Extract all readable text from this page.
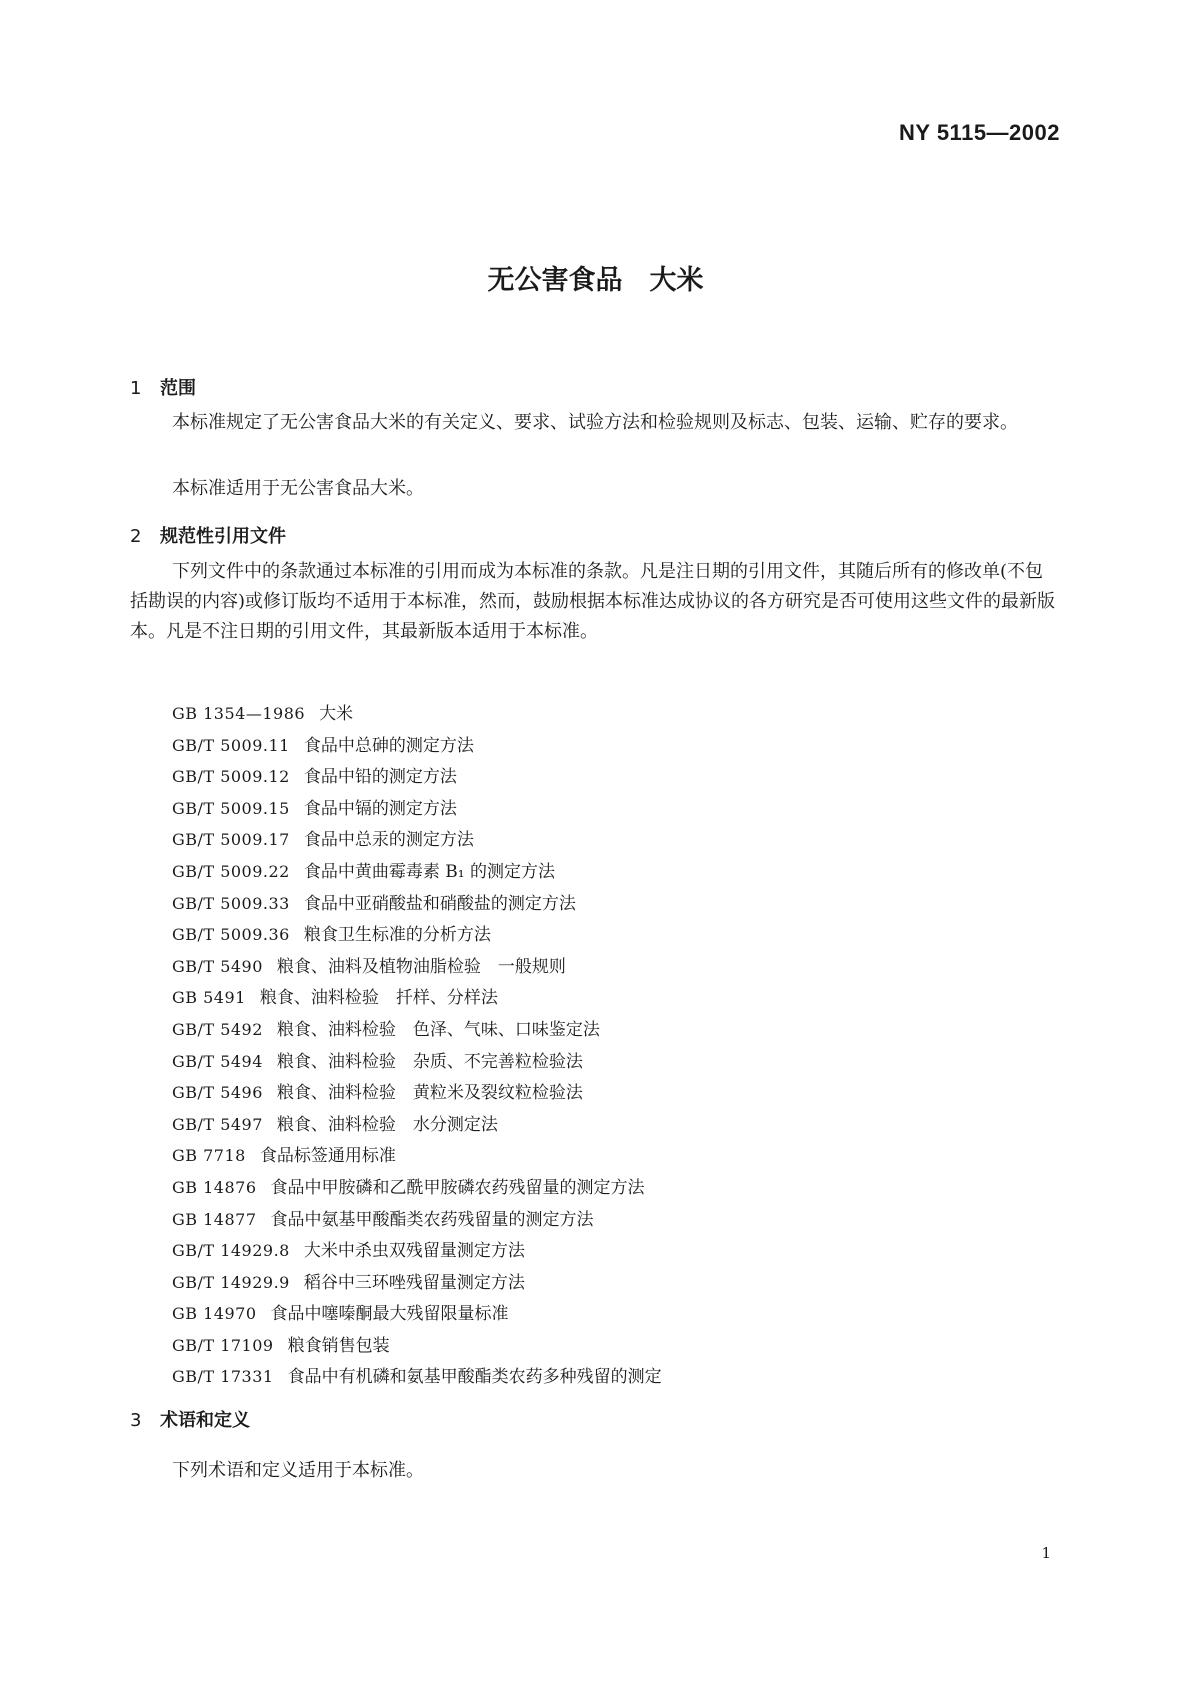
NY 5115—2002
无公害食品　大米
1 范围

本标准规定了无公害食品大米的有关定义、要求、试验方法和检验规则及标志、包装、运输、贮存的要求。

本标准适用于无公害食品大米。

2 规范性引用文件

下列文件中的条款通过本标准的引用而成为本标准的条款。凡是注日期的引用文件，其随后所有的修改单(不包括勘误的内容)或修订版均不适用于本标准，然而，鼓励根据本标准达成协议的各方研究是否可使用这些文件的最新版本。凡是不注日期的引用文件，其最新版本适用于本标准。

GB 1354—1986 大米
GB/T 5009.11 食品中总砷的测定方法
GB/T 5009.12 食品中铅的测定方法
GB/T 5009.15 食品中镉的测定方法
GB/T 5009.17 食品中总汞的测定方法
GB/T 5009.22 食品中黄曲霉毒素 B₁ 的测定方法
GB/T 5009.33 食品中亚硝酸盐和硝酸盐的测定方法
GB/T 5009.36 粮食卫生标准的分析方法
GB/T 5490 粮食、油料及植物油脂检验　一般规则
GB 5491 粮食、油料检验　扦样、分样法
GB/T 5492 粮食、油料检验　色泽、气味、口味鉴定法
GB/T 5494 粮食、油料检验　杂质、不完善粒检验法
GB/T 5496 粮食、油料检验　黄粒米及裂纹粒检验法
GB/T 5497 粮食、油料检验　水分测定法
GB 7718 食品标签通用标准
GB 14876 食品中甲胺磷和乙酰甲胺磷农药残留量的测定方法
GB 14877 食品中氨基甲酸酯类农药残留量的测定方法
GB/T 14929.8 大米中杀虫双残留量测定方法
GB/T 14929.9 稻谷中三环唑残留量测定方法
GB 14970 食品中噻嗪酮最大残留限量标准
GB/T 17109 粮食销售包装
GB/T 17331 食品中有机磷和氨基甲酸酯类农药多种残留的测定
3 术语和定义

下列术语和定义适用于本标准。

1
